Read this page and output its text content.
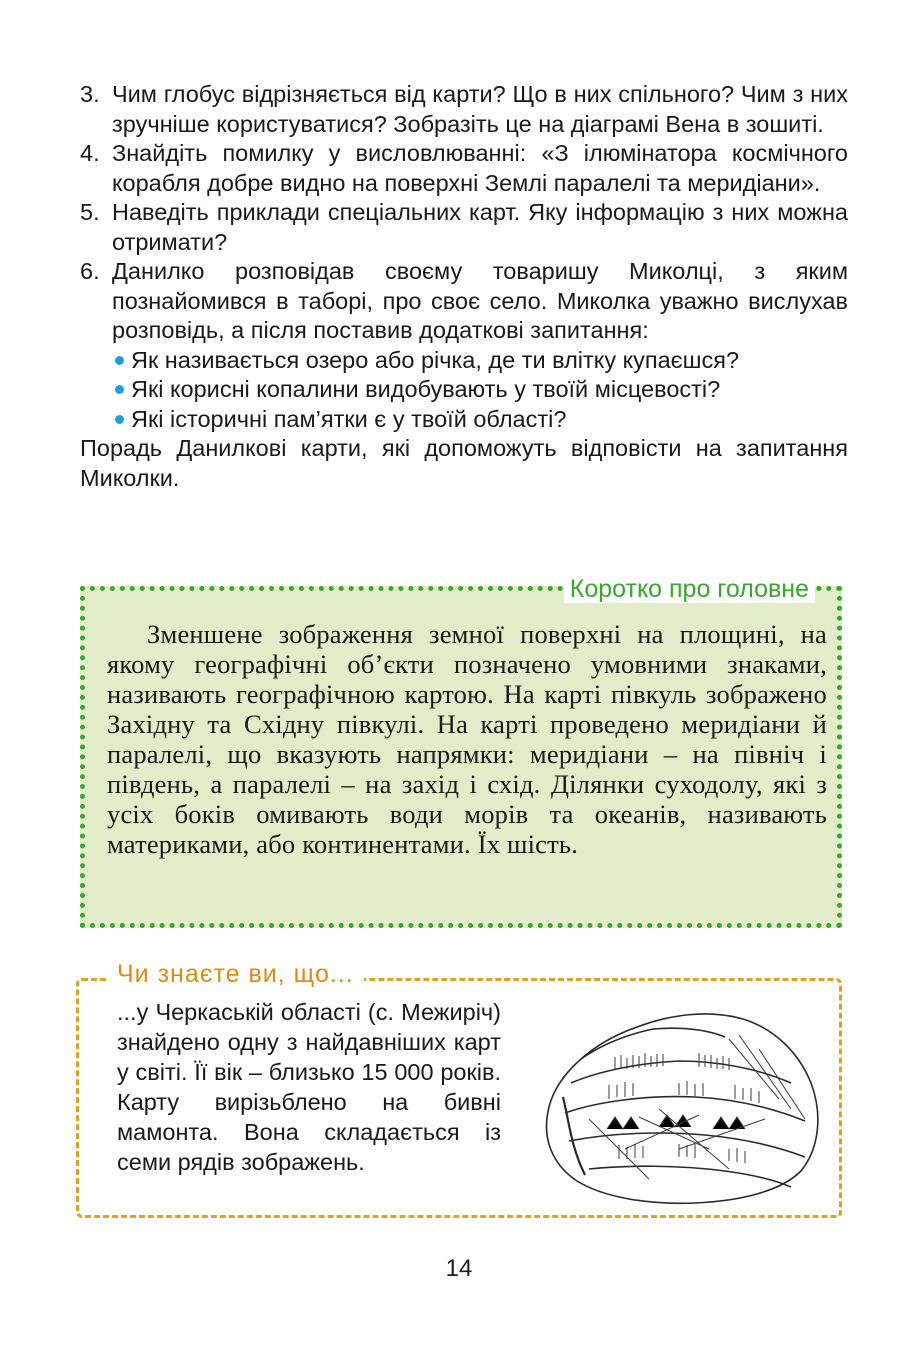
3. Чим глобус відрізняється від карти? Що в них спільного? Чим з них зручніше користуватися? Зобразіть це на діаграмі Вена в зошиті.
4. Знайдіть помилку у висловлюванні: «З ілюмінатора космічного корабля добре видно на поверхні Землі паралелі та меридіани».
5. Наведіть приклади спеціальних карт. Яку інформацію з них можна отримати?
6. Данилко розповідав своєму товаришу Миколці, з яким познайомився в таборі, про своє село. Миколка уважно вислухав розповідь, а після поставив додаткові запитання:
Як називається озеро або річка, де ти влітку купаєшся?
Які корисні копалини видобувають у твоїй місцевості?
Які історичні пам’ятки є у твоїй області?
Порадь Данилкові карти, які допоможуть відповісти на запитання Миколки.
Коротко про головне

Зменшене зображення земної поверхні на площині, на якому географічні об’єкти позначено умовними знаками, називають географічною картою. На карті півкуль зображено Західну та Східну півкулі. На карті проведено меридіани й паралелі, що вказують напрямки: меридіани – на північ і південь, а паралелі – на захід і схід. Ділянки суходолу, які з усіх боків омивають води морів та океанів, називають материками, або континентами. Їх шість.

Чи знаєте ви, що...
...у Черкаській області (с. Межиріч) знайдено одну з найдавніших карт у світі. Її вік – близько 15 000 років. Карту вирізьблено на бивні мамонта. Вона складається із семи рядів зображень.
14
